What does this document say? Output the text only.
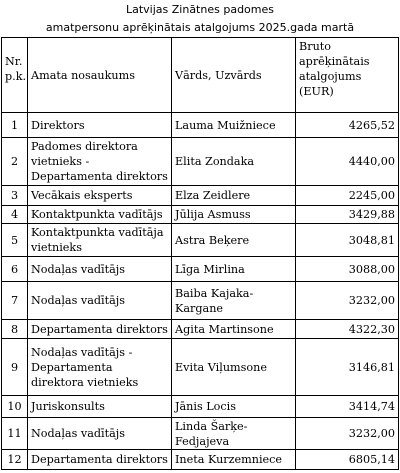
Latvijas Zinātnes padomes
amatpersonu aprēķinātais atalgojums 2025.gada martā
Nr. p.k.	Amata nosaukums	Vārds, Uzvārds	Bruto aprēķinātais atalgojums (EUR)
1	Direktors	Lauma Muižniece	4265,52
2	Padomes direktora vietnieks - Departamenta direktors	Elita Zondaka	4440,00
3	Vecākais eksperts	Elza Zeidlere	2245,00
4	Kontaktpunkta vadītājs	Jūlija Asmuss	3429,88
5	Kontaktpunkta vadītāja vietnieks	Astra Beķere	3048,81
6	Nodaļas vadītājs	Līga Mirlina	3088,00
7	Nodaļas vadītājs	Baiba Kajaka-Kargane	3232,00
8	Departamenta direktors	Agita Martinsone	4322,30
9	Nodaļas vadītājs - Departamenta direktora vietnieks	Evita Viļumsone	3146,81
10	Juriskonsults	Jānis Locis	3414,74
11	Nodaļas vadītājs	Linda Šarķe-Fedjajeva	3232,00
12	Departamenta direktors	Ineta Kurzemniece	6805,14
